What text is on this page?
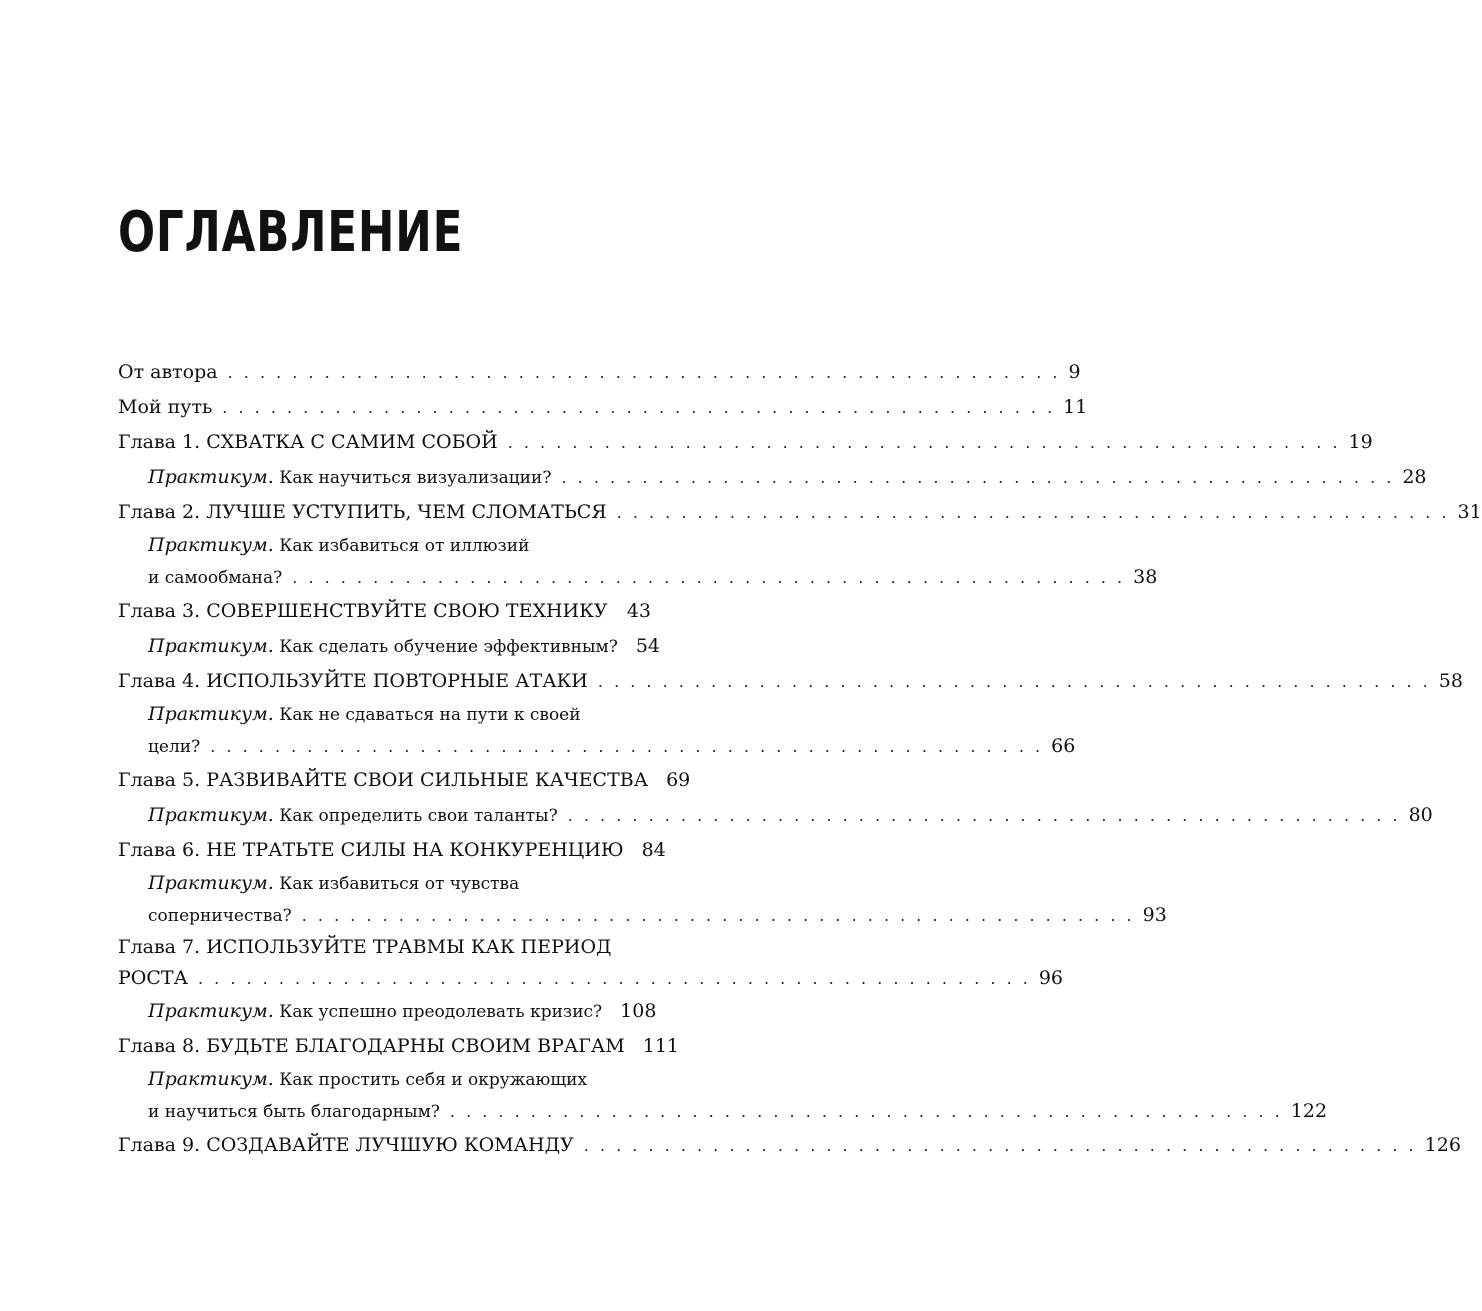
ОГЛАВЛЕНИЕ
От автора . . . . . . . . . . . . . . . . . . . . . . . . . . . . . . . . . . . . . . . . . . . . . . . . . . . . 9
Мой путь . . . . . . . . . . . . . . . . . . . . . . . . . . . . . . . . . . . . . . . . . . . . . . . . . . . . 11
Глава 1. СХВАТКА С САМИМ СОБОЙ . . . . . . . . . . . . . . . . . . . . . . . . . . . . . . . . . . . . . . . . . . . . . . . . . . . . 19
Практикум. Как научиться визуализации? . . . . . . . . . . . . . . . . . . . . . . . . . . . . . . . . . . . . . . . . . . . . . . . . . . . . 28
Глава 2. ЛУЧШЕ УСТУПИТЬ, ЧЕМ СЛОМАТЬСЯ . . . . . . . . . . . . . . . . . . . . . . . . . . . . . . . . . . . . . . . . . . . . . . . . . . . . 31
Практикум. Как избавиться от иллюзий
и самообмана? . . . . . . . . . . . . . . . . . . . . . . . . . . . . . . . . . . . . . . . . . . . . . . . . . . . . 38
Глава 3. СОВЕРШЕНСТВУЙТЕ СВОЮ ТЕХНИКУ 43
Практикум. Как сделать обучение эффективным? 54
Глава 4. ИСПОЛЬЗУЙТЕ ПОВТОРНЫЕ АТАКИ . . . . . . . . . . . . . . . . . . . . . . . . . . . . . . . . . . . . . . . . . . . . . . . . . . . . 58
Практикум. Как не сдаваться на пути к своей
цели? . . . . . . . . . . . . . . . . . . . . . . . . . . . . . . . . . . . . . . . . . . . . . . . . . . . . 66
Глава 5. РАЗВИВАЙТЕ СВОИ СИЛЬНЫЕ КАЧЕСТВА 69
Практикум. Как определить свои таланты? . . . . . . . . . . . . . . . . . . . . . . . . . . . . . . . . . . . . . . . . . . . . . . . . . . . . 80
Глава 6. НЕ ТРАТЬТЕ СИЛЫ НА КОНКУРЕНЦИЮ 84
Практикум. Как избавиться от чувства
соперничества? . . . . . . . . . . . . . . . . . . . . . . . . . . . . . . . . . . . . . . . . . . . . . . . . . . . . 93
Глава 7. ИСПОЛЬЗУЙТЕ ТРАВМЫ КАК ПЕРИОД
РОСТА . . . . . . . . . . . . . . . . . . . . . . . . . . . . . . . . . . . . . . . . . . . . . . . . . . . . 96
Практикум. Как успешно преодолевать кризис? 108
Глава 8. БУДЬТЕ БЛАГОДАРНЫ СВОИМ ВРАГАМ 111
Практикум. Как простить себя и окружающих
и научиться быть благодарным? . . . . . . . . . . . . . . . . . . . . . . . . . . . . . . . . . . . . . . . . . . . . . . . . . . . . 122
Глава 9. СОЗДАВАЙТЕ ЛУЧШУЮ КОМАНДУ . . . . . . . . . . . . . . . . . . . . . . . . . . . . . . . . . . . . . . . . . . . . . . . . . . . . 126
